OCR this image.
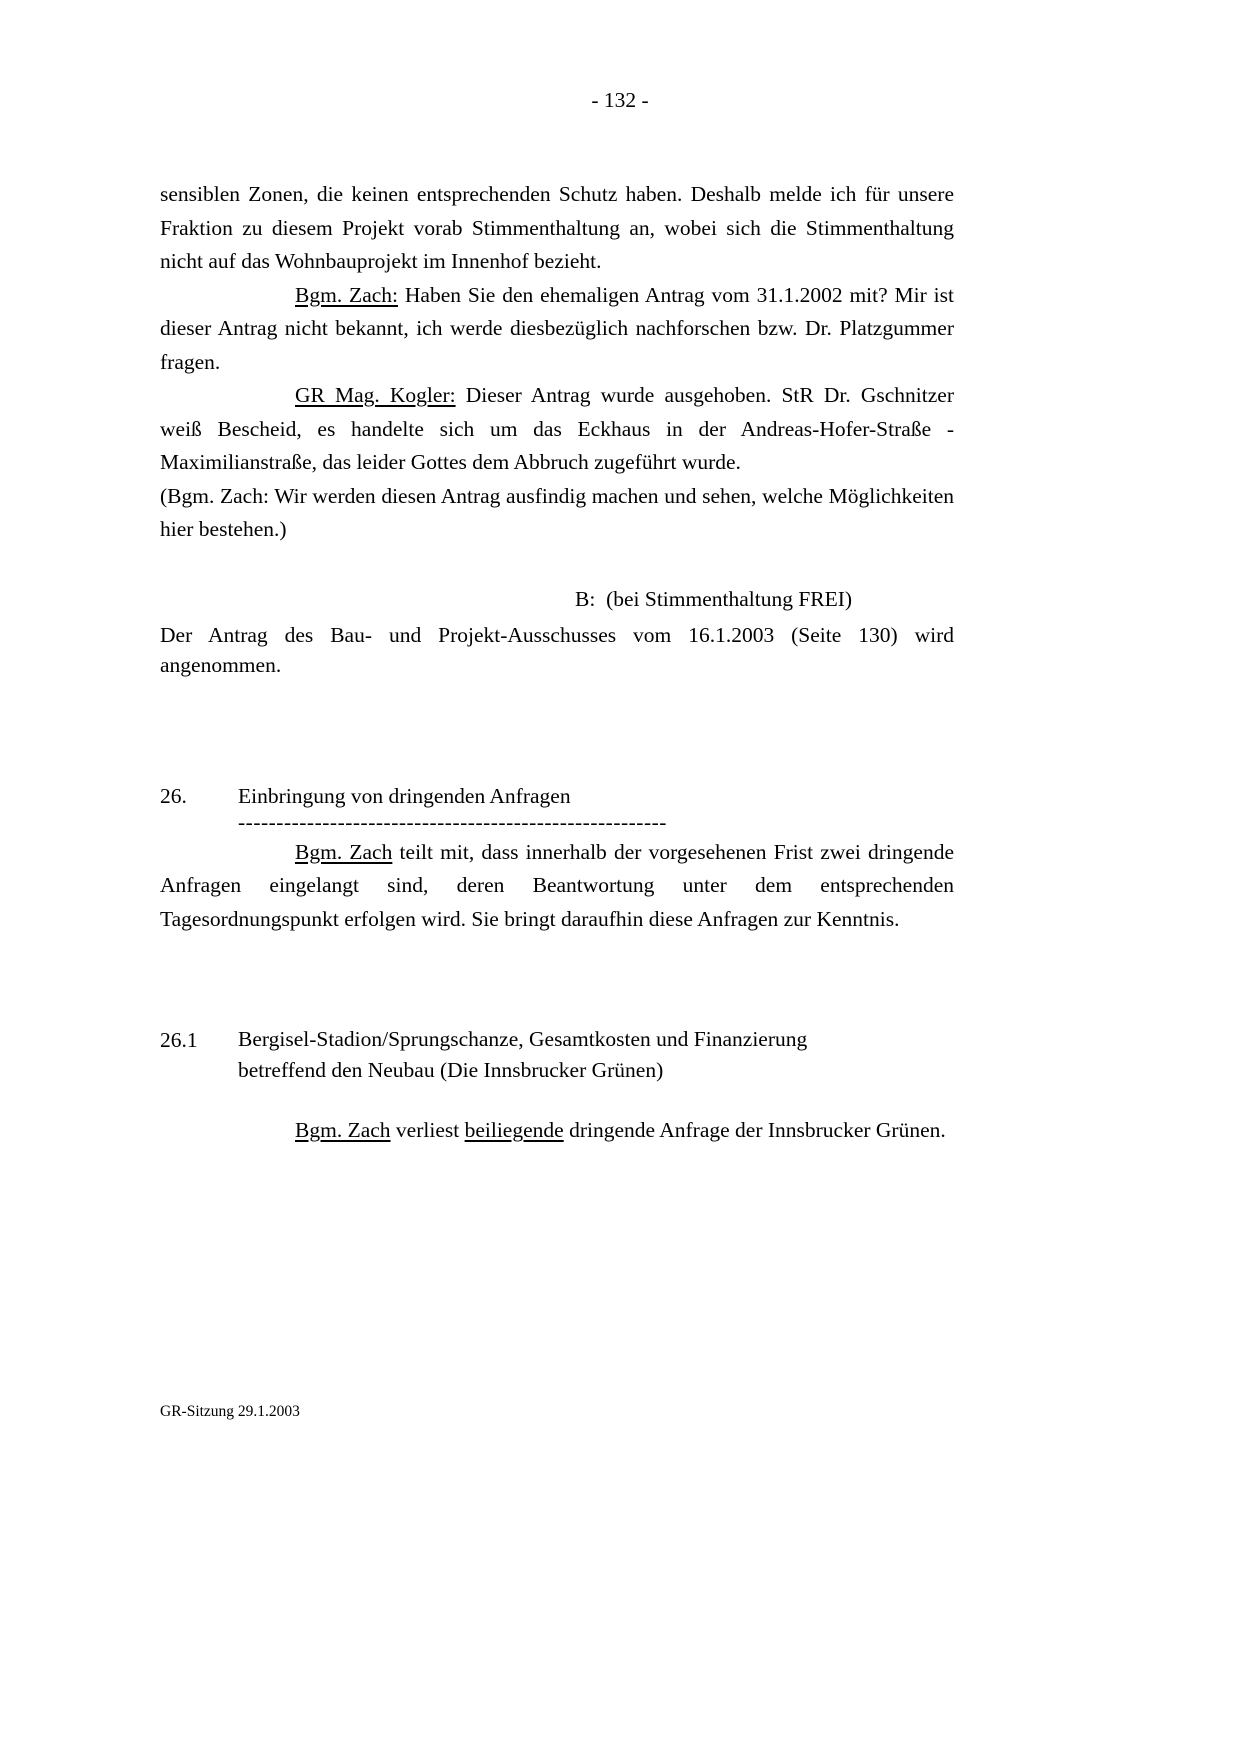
- 132 -

sensiblen Zonen, die keinen entsprechenden Schutz haben. Deshalb melde ich für unsere Fraktion zu diesem Projekt vorab Stimmenthaltung an, wobei sich die Stimmenthaltung nicht auf das Wohnbauprojekt im Innenhof bezieht.

Bgm. Zach: Haben Sie den ehemaligen Antrag vom 31.1.2002 mit? Mir ist dieser Antrag nicht bekannt, ich werde diesbezüglich nachforschen bzw. Dr. Platzgummer fragen.

GR Mag. Kogler: Dieser Antrag wurde ausgehoben. StR Dr. Gschnitzer weiß Bescheid, es handelte sich um das Eckhaus in der Andreas-Hofer-Straße - Maximilianstraße, das leider Gottes dem Abbruch zugeführt wurde.

(Bgm. Zach: Wir werden diesen Antrag ausfindig machen und sehen, welche Möglichkeiten hier bestehen.)

B:  (bei Stimmenthaltung FREI)

Der Antrag des Bau- und Projekt-Ausschusses vom 16.1.2003 (Seite 130) wird angenommen.

26.	Einbringung von dringenden Anfragen
--------------------------------------------------------

Bgm. Zach teilt mit, dass innerhalb der vorgesehenen Frist zwei dringende Anfragen eingelangt sind, deren Beantwortung unter dem entsprechenden Tagesordnungspunkt erfolgen wird. Sie bringt daraufhin diese Anfragen zur Kenntnis.

26.1	Bergisel-Stadion/Sprungschanze, Gesamtkosten und Finanzierung betreffend den Neubau (Die Innsbrucker Grünen)

Bgm. Zach verliest beiliegende dringende Anfrage der Innsbrucker Grünen.

GR-Sitzung 29.1.2003
